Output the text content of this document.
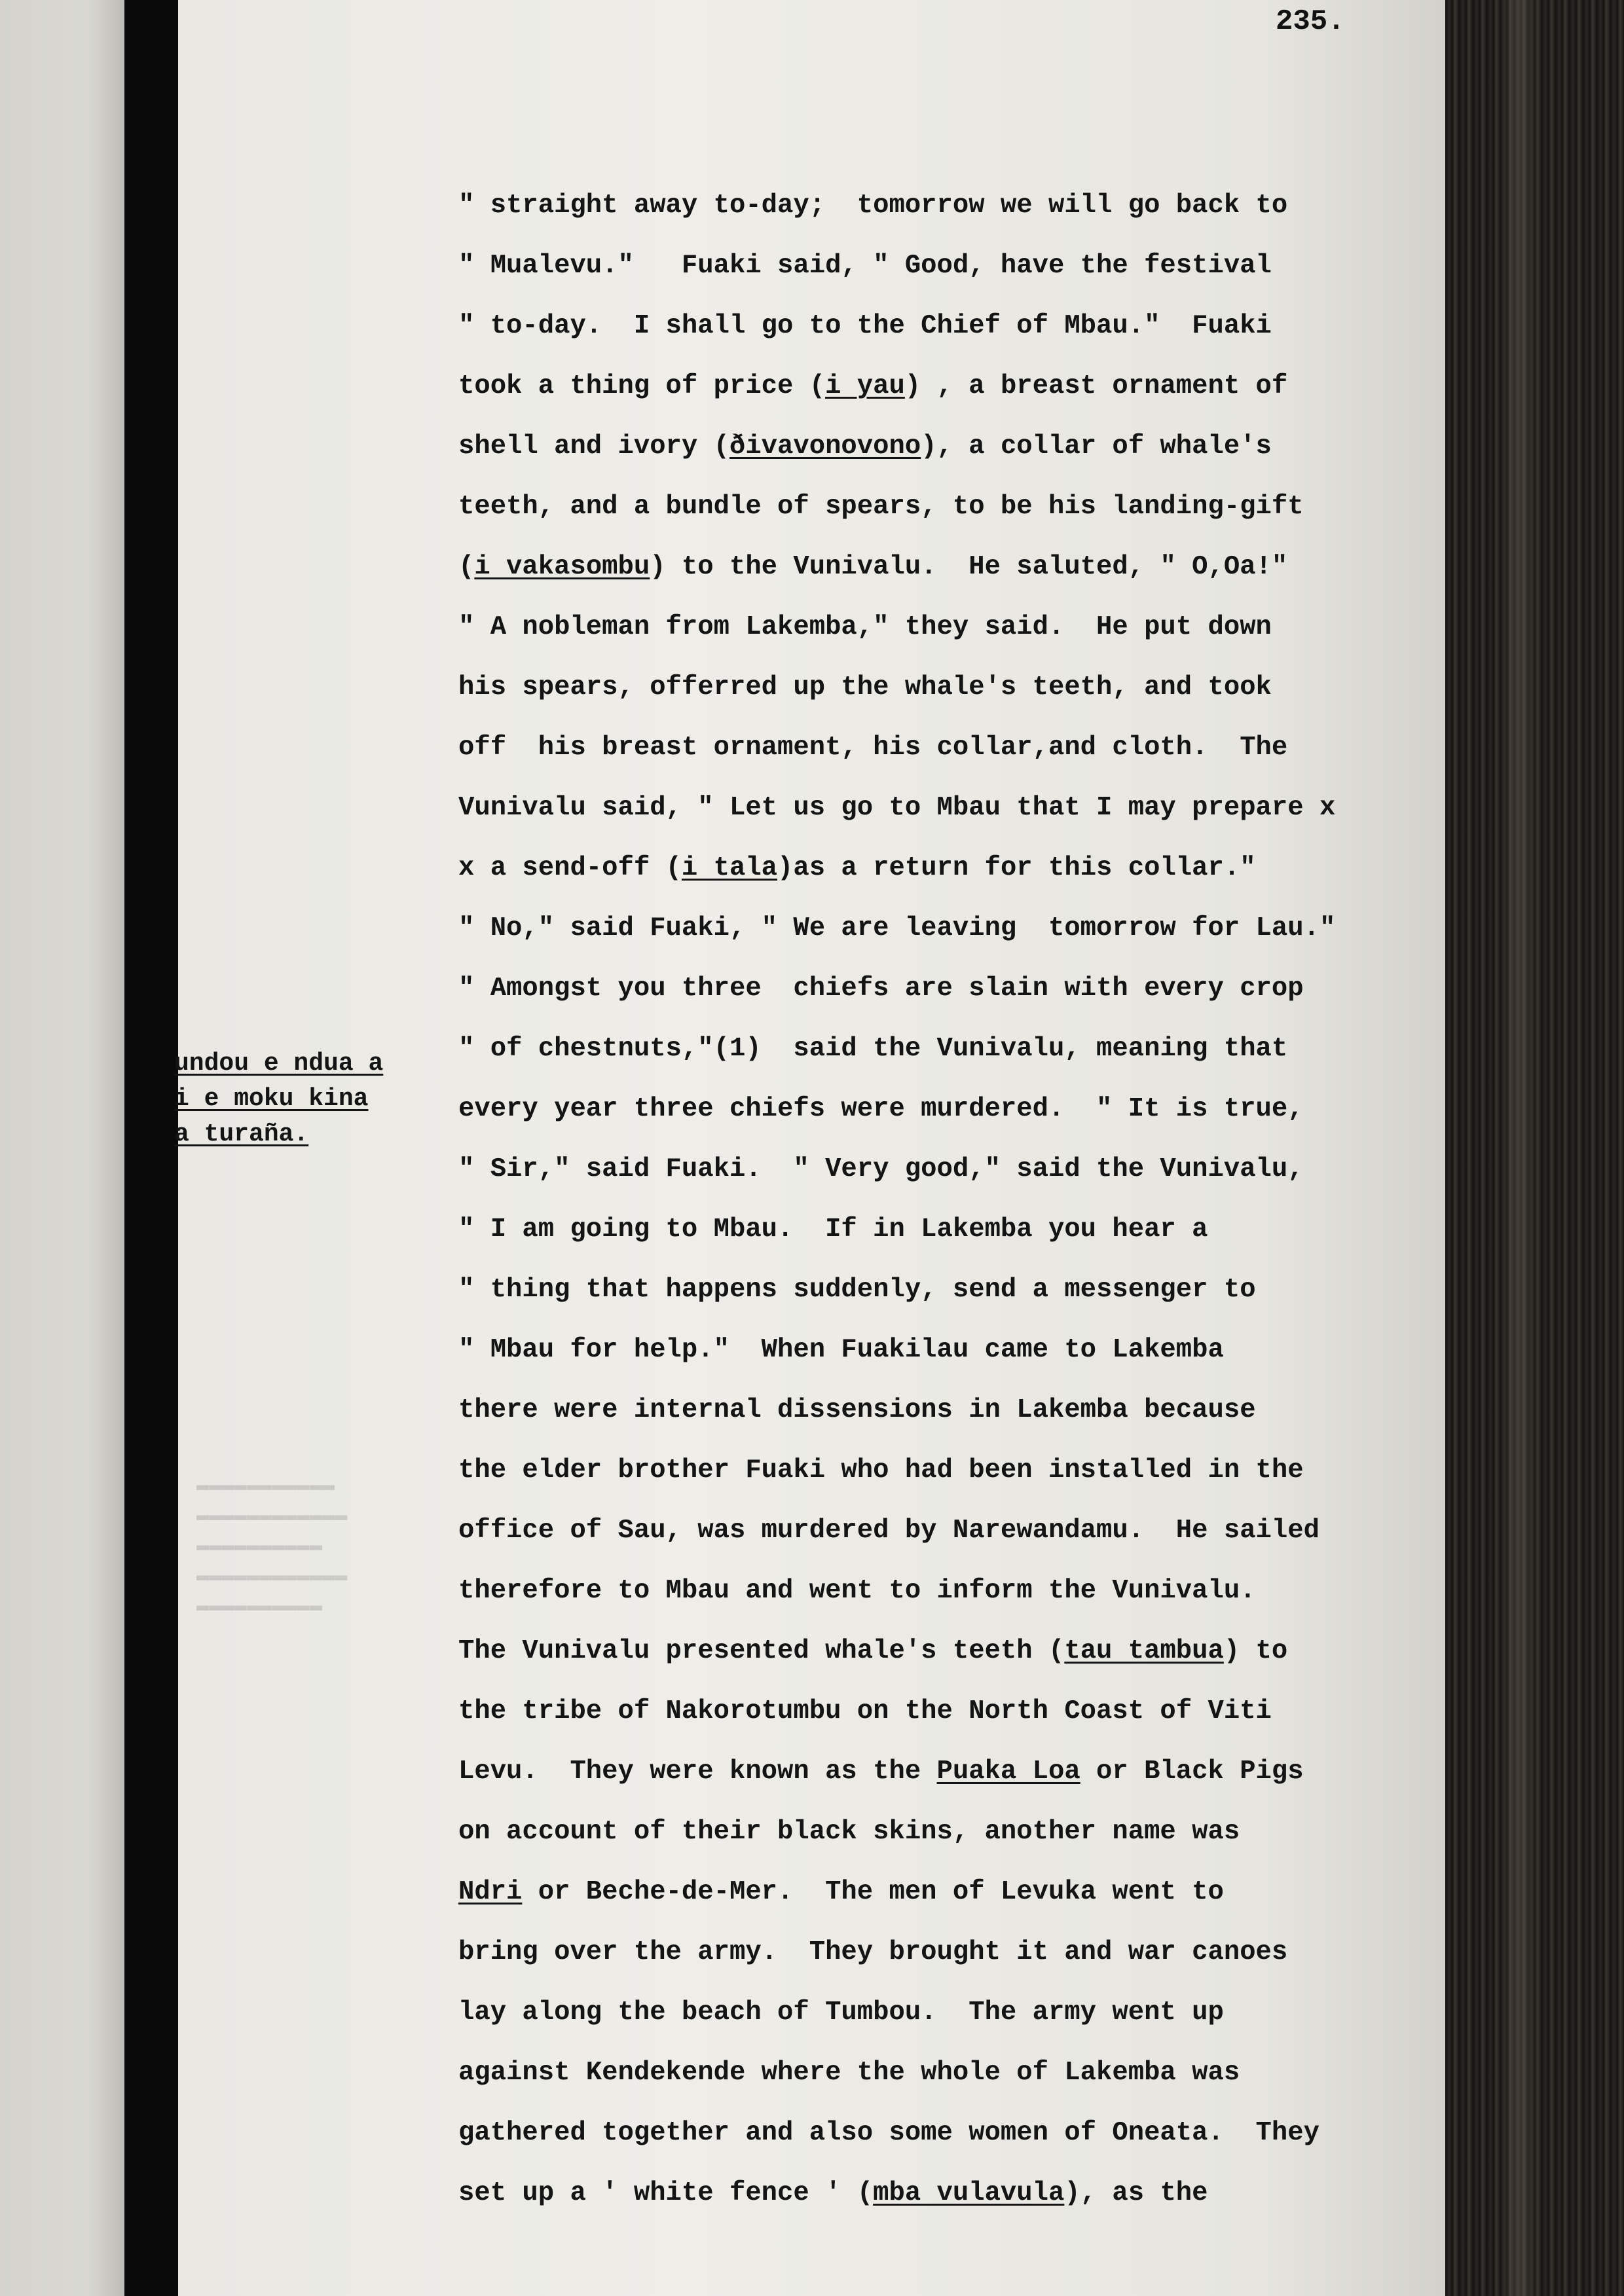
▬▬▬▬▬▬▬▬▬▬▬
▬▬▬▬▬▬▬▬▬▬▬▬
▬▬▬▬▬▬▬▬▬▬
▬▬▬▬▬▬▬▬▬▬▬▬
▬▬▬▬▬▬▬▬▬▬

235.
undou e ndua a
i e moku kina
a turaña.
" straight away to-day;  tomorrow we will go back to
" Mualevu."   Fuaki said, " Good, have the festival
" to-day.  I shall go to the Chief of Mbau."  Fuaki
took a thing of price (i yau) , a breast ornament of
shell and ivory (ðivavonovono), a collar of whale's
teeth, and a bundle of spears, to be his landing-gift
(i vakasombu) to the Vunivalu.  He saluted, " O,Oa!"
" A nobleman from Lakemba," they said.  He put down
his spears, offerred up the whale's teeth, and took
off  his breast ornament, his collar,and cloth.  The
Vunivalu said, " Let us go to Mbau that I may prepare x
x a send-off (i tala)as a return for this collar."
" No," said Fuaki, " We are leaving  tomorrow for Lau."
" Amongst you three  chiefs are slain with every crop
" of chestnuts,"(1)  said the Vunivalu, meaning that
every year three chiefs were murdered.  " It is true,
" Sir," said Fuaki.  " Very good," said the Vunivalu,
" I am going to Mbau.  If in Lakemba you hear a
" thing that happens suddenly, send a messenger to
" Mbau for help."  When Fuakilau came to Lakemba
there were internal dissensions in Lakemba because
the elder brother Fuaki who had been installed in the
office of Sau, was murdered by Narewandamu.  He sailed
therefore to Mbau and went to inform the Vunivalu.
The Vunivalu presented whale's teeth (tau tambua) to
the tribe of Nakorotumbu on the North Coast of Viti
Levu.  They were known as the Puaka Loa or Black Pigs
on account of their black skins, another name was
Ndri or Beche-de-Mer.  The men of Levuka went to
bring over the army.  They brought it and war canoes
lay along the beach of Tumbou.  The army went up
against Kendekende where the whole of Lakemba was
gathered together and also some women of Oneata.  They
set up a ' white fence ' (mba vulavula), as the
